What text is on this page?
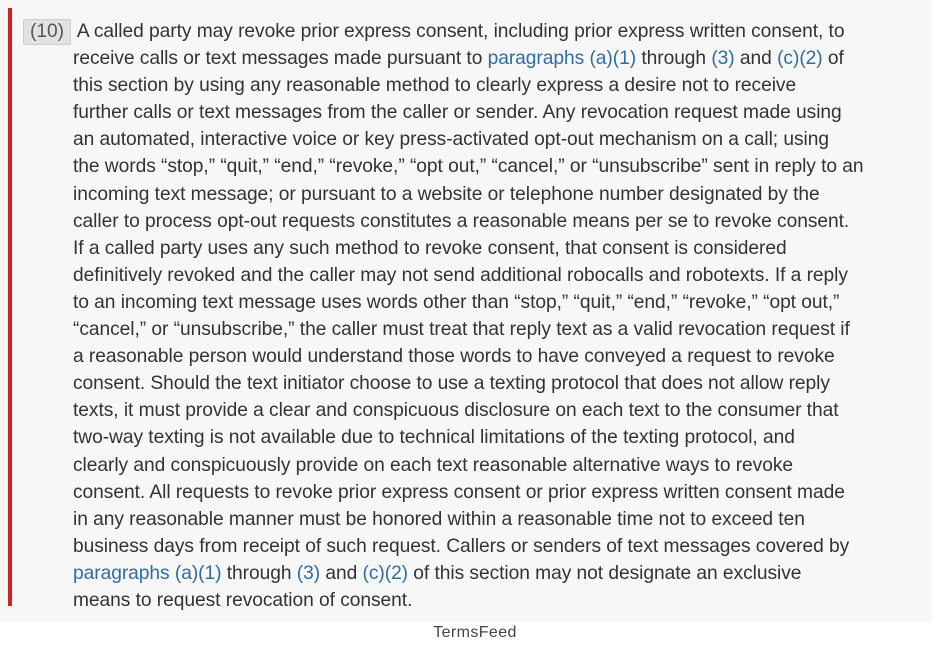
(10) A called party may revoke prior express consent, including prior express written consent, to
receive calls or text messages made pursuant to paragraphs (a)(1) through (3) and (c)(2) of
this section by using any reasonable method to clearly express a desire not to receive
further calls or text messages from the caller or sender. Any revocation request made using
an automated, interactive voice or key press-activated opt-out mechanism on a call; using
the words “stop,” “quit,” “end,” “revoke,” “opt out,” “cancel,” or “unsubscribe” sent in reply to an
incoming text message; or pursuant to a website or telephone number designated by the
caller to process opt-out requests constitutes a reasonable means per se to revoke consent.
If a called party uses any such method to revoke consent, that consent is considered
definitively revoked and the caller may not send additional robocalls and robotexts. If a reply
to an incoming text message uses words other than “stop,” “quit,” “end,” “revoke,” “opt out,”
“cancel,” or “unsubscribe,” the caller must treat that reply text as a valid revocation request if
a reasonable person would understand those words to have conveyed a request to revoke
consent. Should the text initiator choose to use a texting protocol that does not allow reply
texts, it must provide a clear and conspicuous disclosure on each text to the consumer that
two-way texting is not available due to technical limitations of the texting protocol, and
clearly and conspicuously provide on each text reasonable alternative ways to revoke
consent. All requests to revoke prior express consent or prior express written consent made
in any reasonable manner must be honored within a reasonable time not to exceed ten
business days from receipt of such request. Callers or senders of text messages covered by
paragraphs (a)(1) through (3) and (c)(2) of this section may not designate an exclusive
means to request revocation of consent.
TermsFeed
